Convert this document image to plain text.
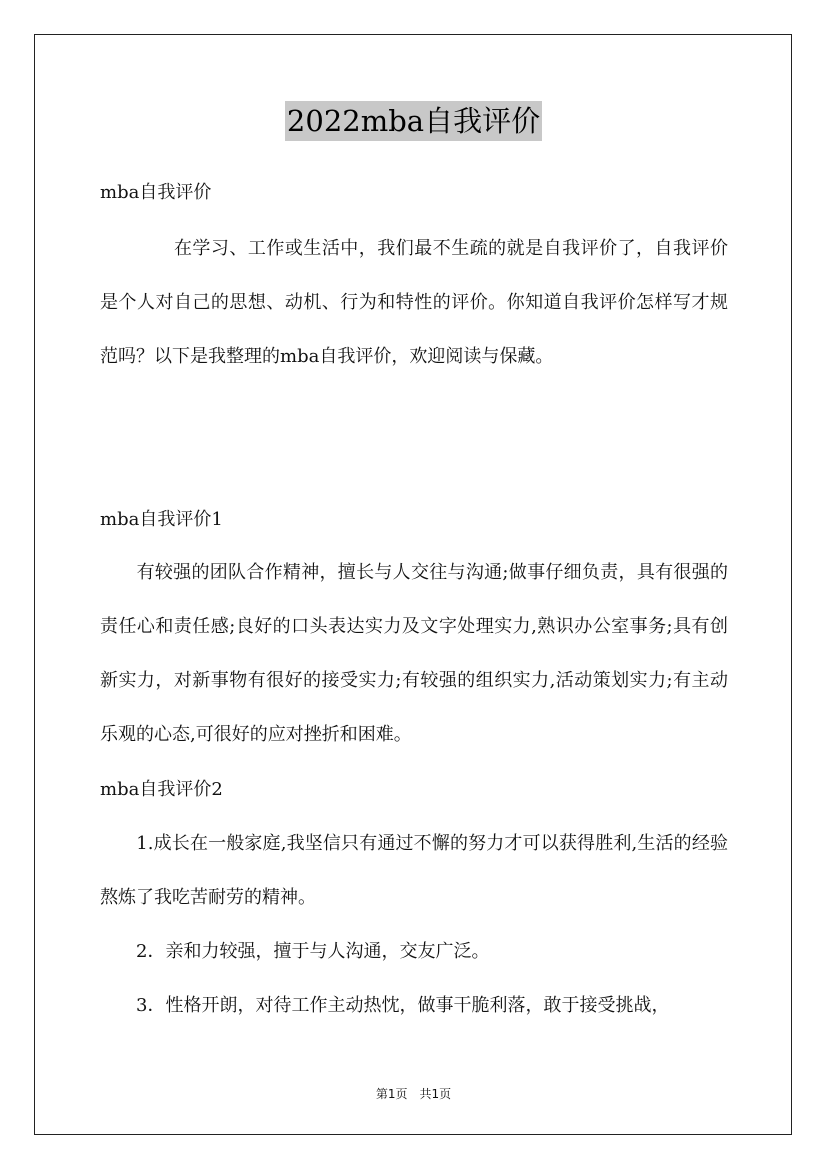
2022mba自我评价

mba自我评价

　　　　在学习、工作或生活中，我们最不生疏的就是自我评价了，自我评价是个人对自己的思想、动机、行为和特性的评价。你知道自我评价怎样写才规范吗？以下是我整理的mba自我评价，欢迎阅读与保藏。

mba自我评价1

　　有较强的团队合作精神，擅长与人交往与沟通;做事仔细负责，具有很强的责任心和责任感;良好的口头表达实力及文字处理实力,熟识办公室事务;具有创新实力，对新事物有很好的接受实力;有较强的组织实力,活动策划实力;有主动乐观的心态,可很好的应对挫折和困难。

mba自我评价2

　　1.成长在一般家庭,我坚信只有通过不懈的努力才可以获得胜利,生活的经验熬炼了我吃苦耐劳的精神。

　　2．亲和力较强，擅于与人沟通，交友广泛。

　　3．性格开朗，对待工作主动热忱，做事干脆利落，敢于接受挑战，

第1页　共1页
